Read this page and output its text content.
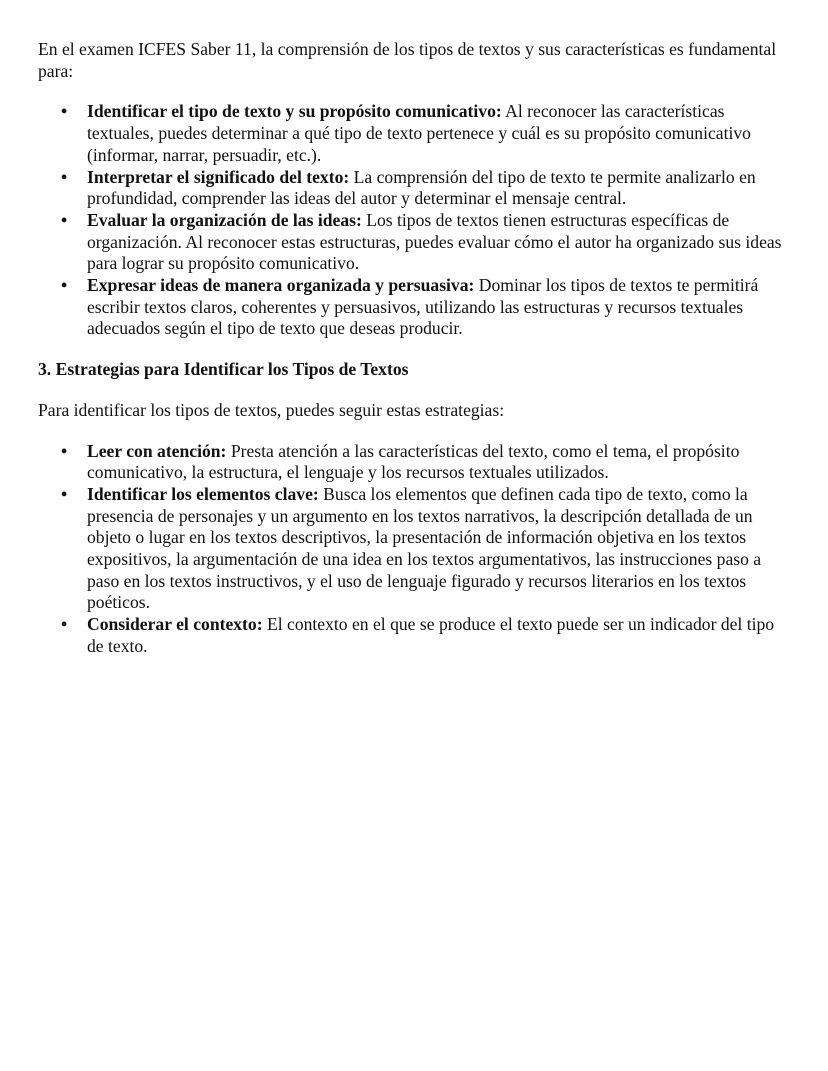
En el examen ICFES Saber 11, la comprensión de los tipos de textos y sus características es fundamental para:

• Identificar el tipo de texto y su propósito comunicativo: Al reconocer las características textuales, puedes determinar a qué tipo de texto pertenece y cuál es su propósito comunicativo (informar, narrar, persuadir, etc.).
• Interpretar el significado del texto: La comprensión del tipo de texto te permite analizarlo en profundidad, comprender las ideas del autor y determinar el mensaje central.
• Evaluar la organización de las ideas: Los tipos de textos tienen estructuras específicas de organización. Al reconocer estas estructuras, puedes evaluar cómo el autor ha organizado sus ideas para lograr su propósito comunicativo.
• Expresar ideas de manera organizada y persuasiva: Dominar los tipos de textos te permitirá escribir textos claros, coherentes y persuasivos, utilizando las estructuras y recursos textuales adecuados según el tipo de texto que deseas producir.
3. Estrategias para Identificar los Tipos de Textos

Para identificar los tipos de textos, puedes seguir estas estrategias:

• Leer con atención: Presta atención a las características del texto, como el tema, el propósito comunicativo, la estructura, el lenguaje y los recursos textuales utilizados.
• Identificar los elementos clave: Busca los elementos que definen cada tipo de texto, como la presencia de personajes y un argumento en los textos narrativos, la descripción detallada de un objeto o lugar en los textos descriptivos, la presentación de información objetiva en los textos expositivos, la argumentación de una idea en los textos argumentativos, las instrucciones paso a paso en los textos instructivos, y el uso de lenguaje figurado y recursos literarios en los textos poéticos.
• Considerar el contexto: El contexto en el que se produce el texto puede ser un indicador del tipo de texto.
